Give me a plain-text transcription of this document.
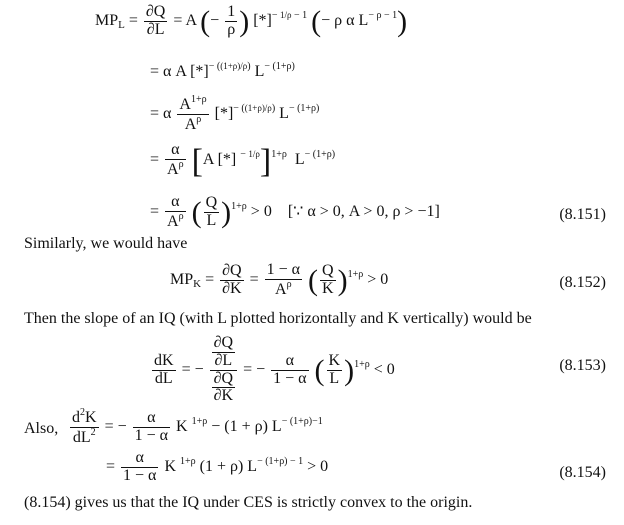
$MP_L = \frac{\partial Q}{\partial L} = A$ (− $\frac{1}{\rho}$ ) $[*]^{- 1/\rho - 1}$ (− ρ α $L^{- \rho - 1}$)
= α A $[*]^{- ((1+\rho)/\rho)}$ $L^{- (1+\rho)}$
= α $\frac{A^{1+\rho}}{A^\rho} [*]^{- ((1+\rho)/\rho)}$ $L^{- (1+\rho)}$
= $\frac{\alpha}{A^\rho} [A$ [*] $^{- 1/\rho}$]$^{1+\rho}$  $L^{- (1+\rho)}$
= $\frac{\alpha}{A^\rho}$ ( $\frac{Q}{L} )^{1+\rho} > 0$    [∵ α > 0, A > 0, ρ > −1]	(8.151)
Similarly, we would have
$MP_K = \frac{\partial Q}{\partial K} = \frac{1 - \alpha}{A^\rho}$ ( $\frac{Q}{K} )^{1+\rho} > 0$	(8.152)
Then the slope of an IQ (with L plotted horizontally and K vertically) would be
$\frac{dK}{dL}$ = − $\frac{\frac{\partial Q}{\partial L}}{\frac{\partial Q}{\partial K}}$ = − $\frac{\alpha}{1 - \alpha}$ ( $\frac{K}{L} )^{1+\rho} < 0$	(8.153)
Also, $\frac{d^2K}{dL^2}$ = − $\frac{\alpha}{1 - \alpha}$ K $^{1+\rho}$ − (1 + ρ) $L^{- (1+\rho)-1}$
= $\frac{\alpha}{1 - \alpha}$ K $^{1+\rho}$ (1 + ρ) $L^{- (1+\rho) - 1} > 0$	(8.154)
(8.154) gives us that the IQ under CES is strictly convex to the origin.
